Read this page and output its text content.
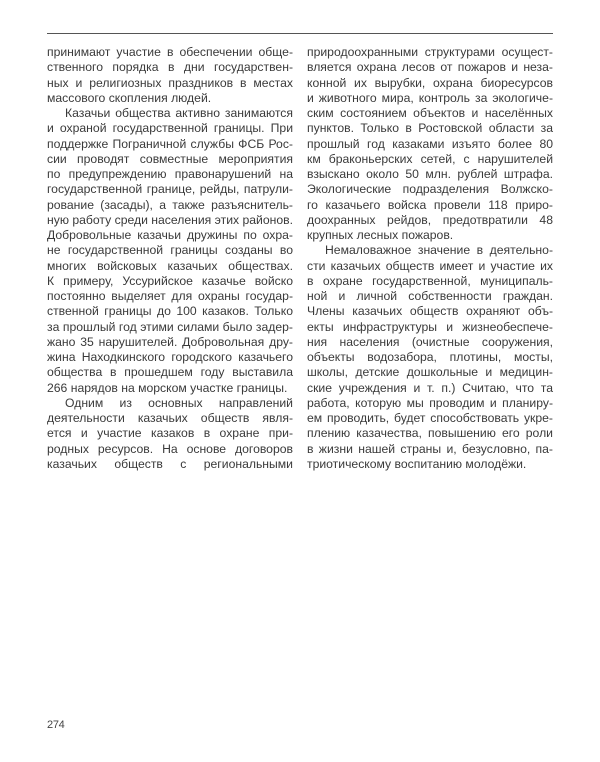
принимают участие в обеспечении обще-
ственного порядка в дни государствен-
ных и религиозных праздников в местах
массового скопления людей.
Казачьи общества активно занимаются
и охраной государственной границы. При
поддержке Пограничной службы ФСБ Рос-
сии проводят совместные мероприятия
по предупреждению правонарушений на
государственной границе, рейды, патрули-
рование (засады), а также разъяснитель-
ную работу среди населения этих районов.
Добровольные казачьи дружины по охра-
не государственной границы созданы во
многих войсковых казачьих обществах.
К примеру, Уссурийское казачье войско
постоянно выделяет для охраны государ-
ственной границы до 100 казаков. Только
за прошлый год этими силами было задер-
жано 35 нарушителей. Добровольная дру-
жина Находкинского городского казачьего
общества в прошедшем году выставила
266 нарядов на морском участке границы.
Одним из основных направлений
деятельности казачьих обществ явля-
ется и участие казаков в охране при-
родных ресурсов. На основе договоров
казачьих обществ с региональными
природоохранными структурами осущест-
вляется охрана лесов от пожаров и неза-
конной их вырубки, охрана биоресурсов
и животного мира, контроль за экологиче-
ским состоянием объектов и населённых
пунктов. Только в Ростовской области за
прошлый год казаками изъято более 80
км браконьерских сетей, с нарушителей
взыскано около 50 млн. рублей штрафа.
Экологические подразделения Волжско-
го казачьего войска провели 118 приро-
доохранных рейдов, предотвратили 48
крупных лесных пожаров.
Немаловажное значение в деятельно-
сти казачьих обществ имеет и участие их
в охране государственной, муниципаль-
ной и личной собственности граждан.
Члены казачьих обществ охраняют объ-
екты инфраструктуры и жизнеобеспече-
ния населения (очистные сооружения,
объекты водозабора, плотины, мосты,
школы, детские дошкольные и медицин-
ские учреждения и т. п.) Считаю, что та
работа, которую мы проводим и планиру-
ем проводить, будет способствовать укре-
плению казачества, повышению его роли
в жизни нашей страны и, безусловно, па-
триотическому воспитанию молодёжи.
274
